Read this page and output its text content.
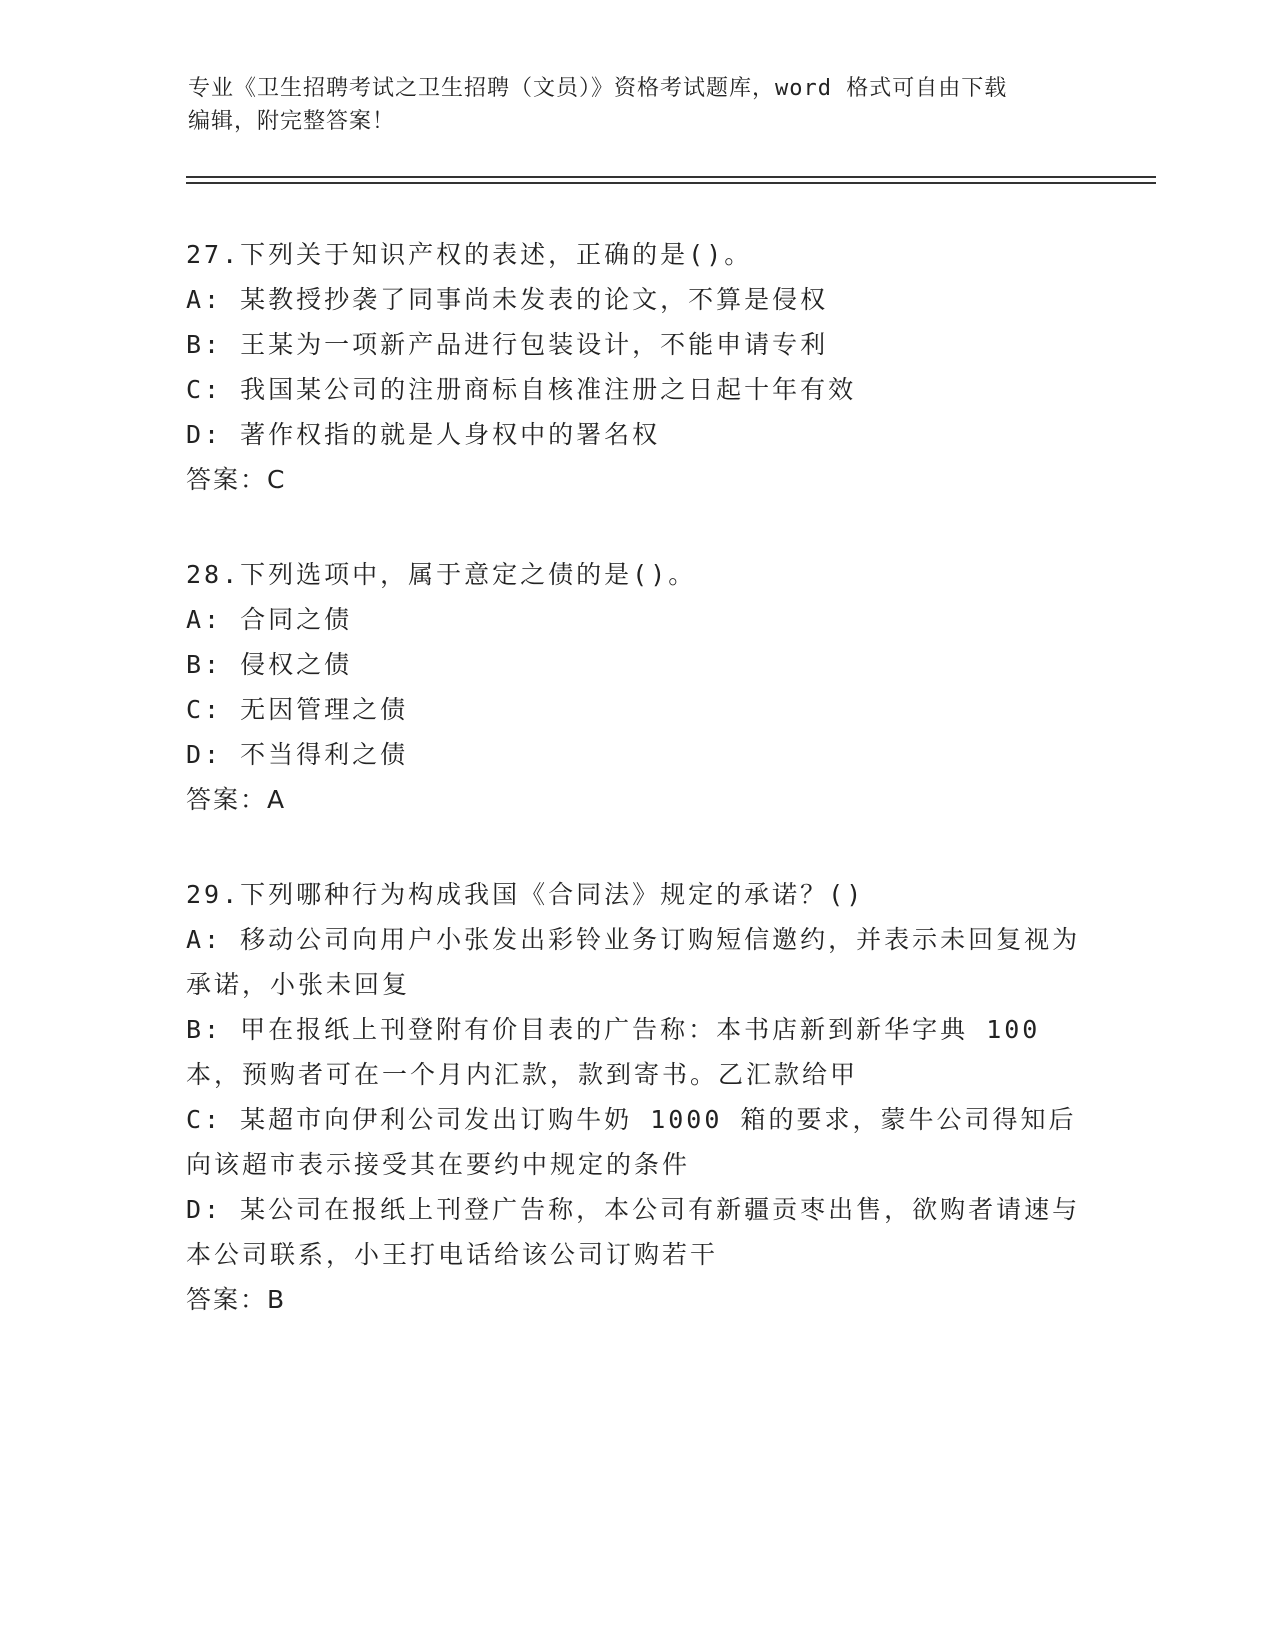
专业《卫生招聘考试之卫生招聘（文员）》资格考试题库，word 格式可自由下载

编辑，附完整答案！

27.下列关于知识产权的表述，正确的是()。

A: 某教授抄袭了同事尚未发表的论文，不算是侵权

B: 王某为一项新产品进行包装设计，不能申请专利

C: 我国某公司的注册商标自核准注册之日起十年有效

D: 著作权指的就是人身权中的署名权

答案：C

28.下列选项中，属于意定之债的是()。

A: 合同之债

B: 侵权之债

C: 无因管理之债

D: 不当得利之债

答案：A

29.下列哪种行为构成我国《合同法》规定的承诺？()

A: 移动公司向用户小张发出彩铃业务订购短信邀约，并表示未回复视为承诺，小张未回复

B: 甲在报纸上刊登附有价目表的广告称：本书店新到新华字典 100 本，预购者可在一个月内汇款，款到寄书。乙汇款给甲

C: 某超市向伊利公司发出订购牛奶 1000 箱的要求，蒙牛公司得知后向该超市表示接受其在要约中规定的条件

D: 某公司在报纸上刊登广告称，本公司有新疆贡枣出售，欲购者请速与本公司联系，小王打电话给该公司订购若干

答案：B
